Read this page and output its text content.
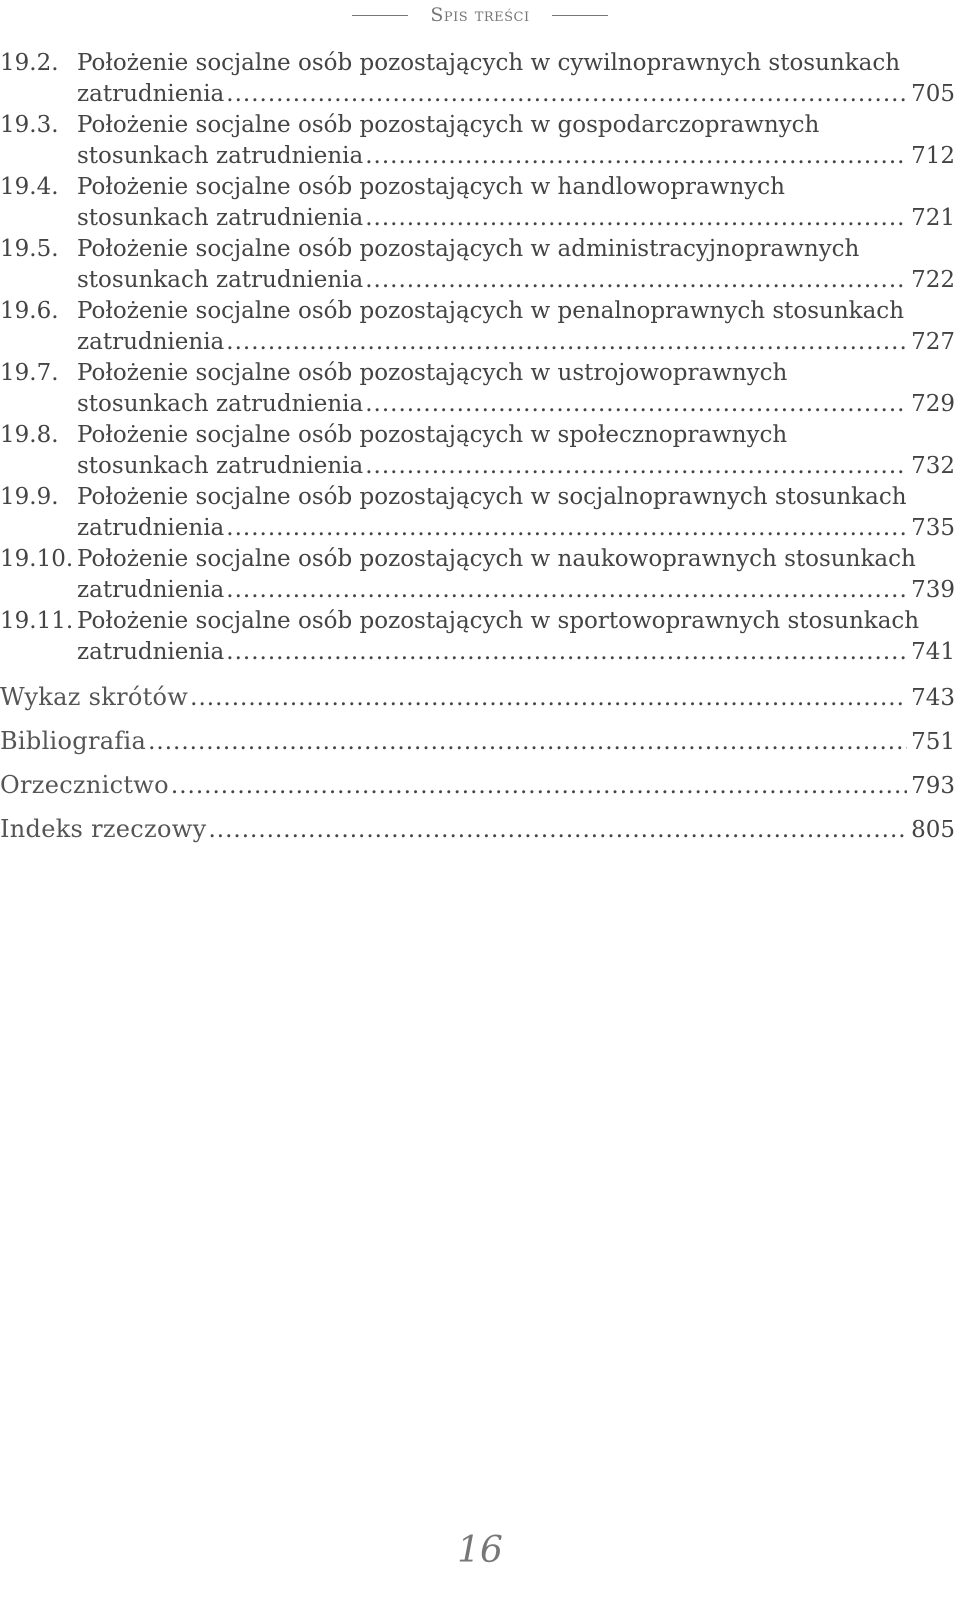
Spis treści
19.2. Położenie socjalne osób pozostających w cywilnoprawnych stosunkach
zatrudnienia .....	705
19.3. Położenie socjalne osób pozostających w gospodarczoprawnych
stosunkach zatrudnienia .....	712
19.4. Położenie socjalne osób pozostających w handlowoprawnych
stosunkach zatrudnienia .....	721
19.5. Położenie socjalne osób pozostających w administracyjnoprawnych
stosunkach zatrudnienia .....	722
19.6. Położenie socjalne osób pozostających w penalnoprawnych stosunkach
zatrudnienia .....	727
19.7. Położenie socjalne osób pozostających w ustrojowoprawnych
stosunkach zatrudnienia .....	729
19.8. Położenie socjalne osób pozostających w społecznoprawnych
stosunkach zatrudnienia .....	732
19.9. Położenie socjalne osób pozostających w socjalnoprawnych stosunkach
zatrudnienia .....	735
19.10. Położenie socjalne osób pozostających w naukowoprawnych stosunkach
zatrudnienia .....	739
19.11. Położenie socjalne osób pozostających w sportowoprawnych stosunkach
zatrudnienia .....	741
Wykaz skrótów .....	743
Bibliografia .....	751
Orzecznictwo .....	793
Indeks rzeczowy .....	805
16
